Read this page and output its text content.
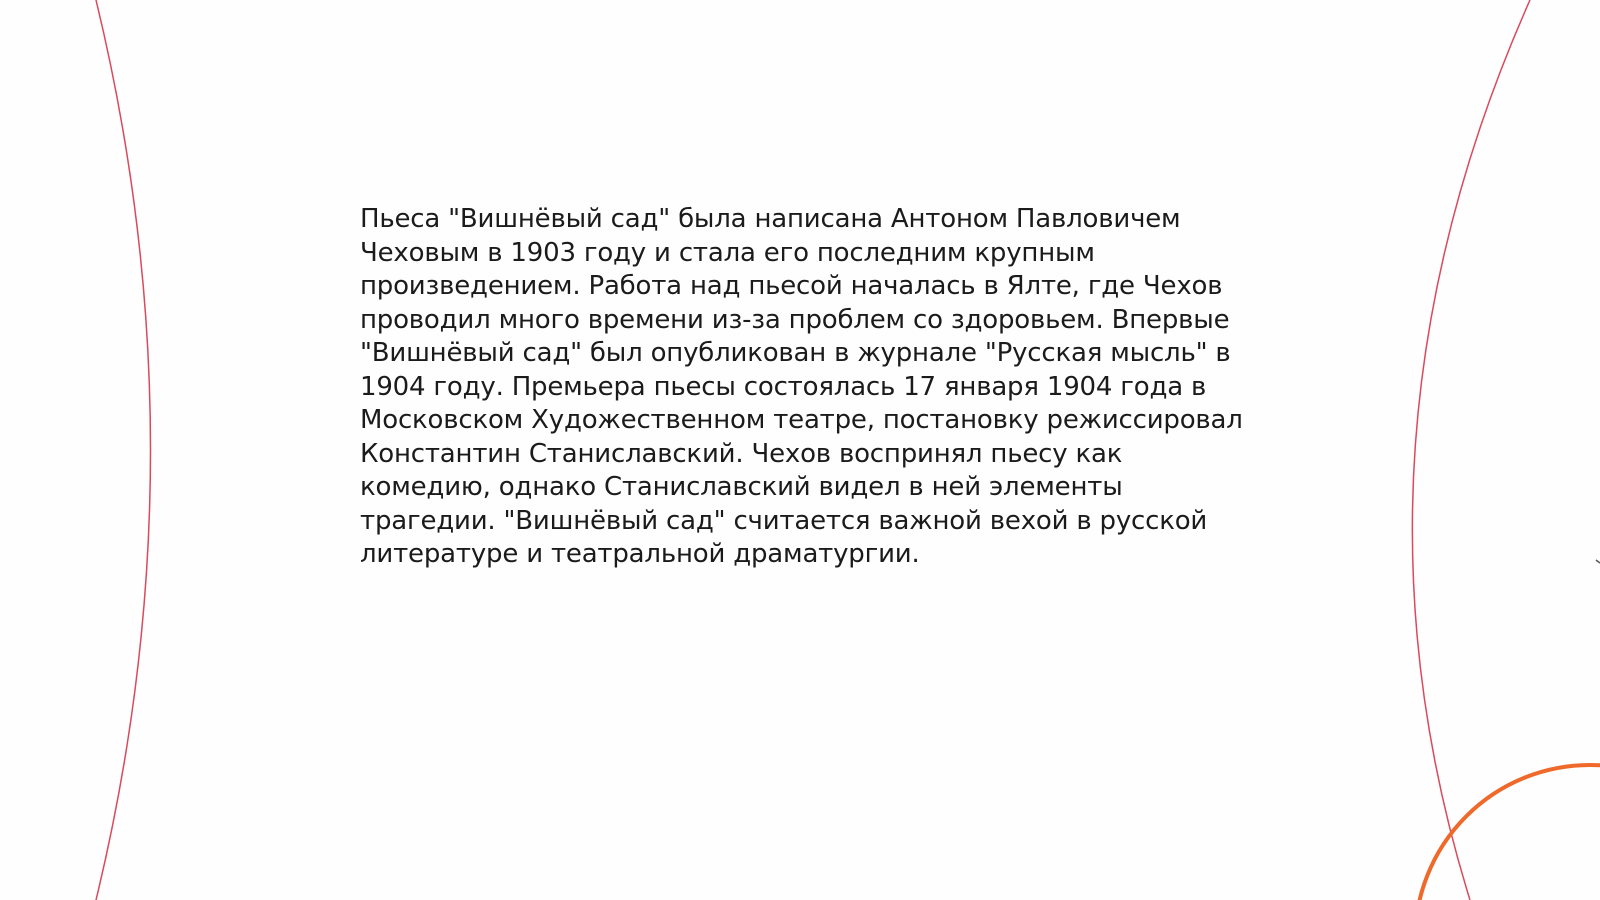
Пьеса "Вишнёвый сад" была написана Антоном Павловичем Чеховым в 1903 году и стала его последним крупным произведением. Работа над пьесой началась в Ялте, где Чехов проводил много времени из-за проблем со здоровьем. Впервые "Вишнёвый сад" был опубликован в журнале "Русская мысль" в 1904 году. Премьера пьесы состоялась 17 января 1904 года в Московском Художественном театре, постановку режиссировал Константин Станиславский. Чехов воспринял пьесу как комедию, однако Станиславский видел в ней элементы трагедии. "Вишнёвый сад" считается важной вехой в русской литературе и театральной драматургии.
